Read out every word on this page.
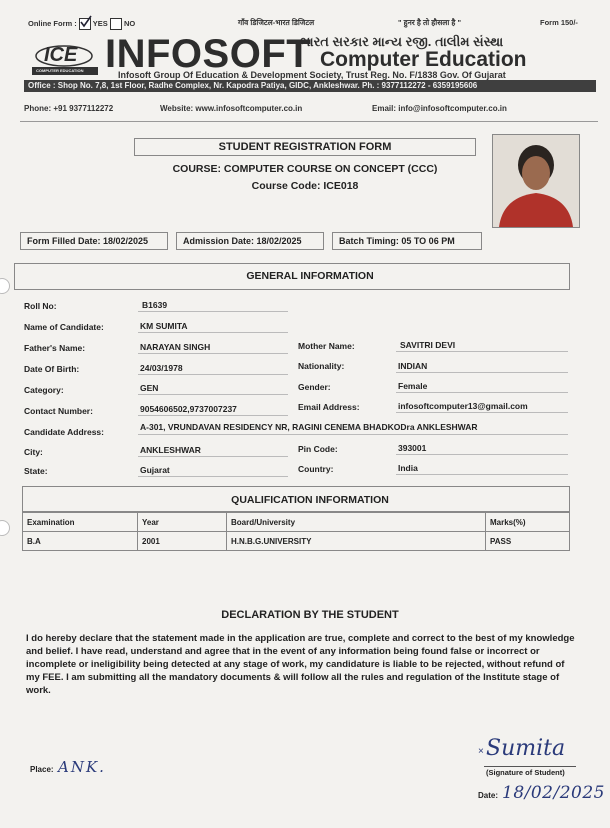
Online Form : YES NO	गाँव डिजिटल-भारत डिजिटल	" हुनर है तो हौसला है "	Form 150/-
ICE
COMPUTER EDUCATION INFOSOFT
ભારત સરકાર માન્ય રજી. તાલીમ સંસ્થા
Computer Education
Infosoft Group Of Education & Development Society, Trust Reg. No. F/1838 Gov. Of Gujarat
Office : Shop No. 7,8, 1st Floor, Radhe Complex, Nr. Kapodra Patiya, GIDC, Ankleshwar. Ph. : 9377112272 - 6359195606
Phone: +91 9377112272	Website: www.infosoftcomputer.co.in	Email: info@infosoftcomputer.co.in
STUDENT REGISTRATION FORM
COURSE: COMPUTER COURSE ON CONCEPT (CCC)
Course Code: ICE018
Form Filled Date: 18/02/2025	Admission Date: 18/02/2025	Batch Timing: 05 TO 06 PM
GENERAL INFORMATION
Roll No:	B1639
Name of Candidate:	KM SUMITA
Father's Name:	NARAYAN SINGH	Mother Name:	SAVITRI DEVI
Date Of Birth:	24/03/1978	Nationality:	INDIAN
Category:	GEN	Gender:	Female
Contact Number:	9054606502,9737007237	Email Address:	infosoftcomputer13@gmail.com
Candidate Address:	A-301, VRUNDAVAN RESIDENCY NR, RAGINI CENEMA BHADKODra ANKLESHWAR
City:	ANKLESHWAR	Pin Code:	393001
State:	Gujarat	Country:	India
QUALIFICATION INFORMATION
Examination	Year	Board/University	Marks(%)
B.A	2001	H.N.B.G.UNIVERSITY	PASS
DECLARATION BY THE STUDENT
I do hereby declare that the statement made in the application are true, complete and correct to the best of my knowledge and belief. I have read, understand and agree that in the event of any information being found false or incorrect or incomplete or ineligibility being detected at any stage of work, my candidature is liable to be rejected, without refund of my FEE. I am submitting all the mandatory documents & will follow all the rules and regulation of the Institute stage of work.
Place: ANK.
Sumita
×
(Signature of Student)
Date: 18/02/2025
